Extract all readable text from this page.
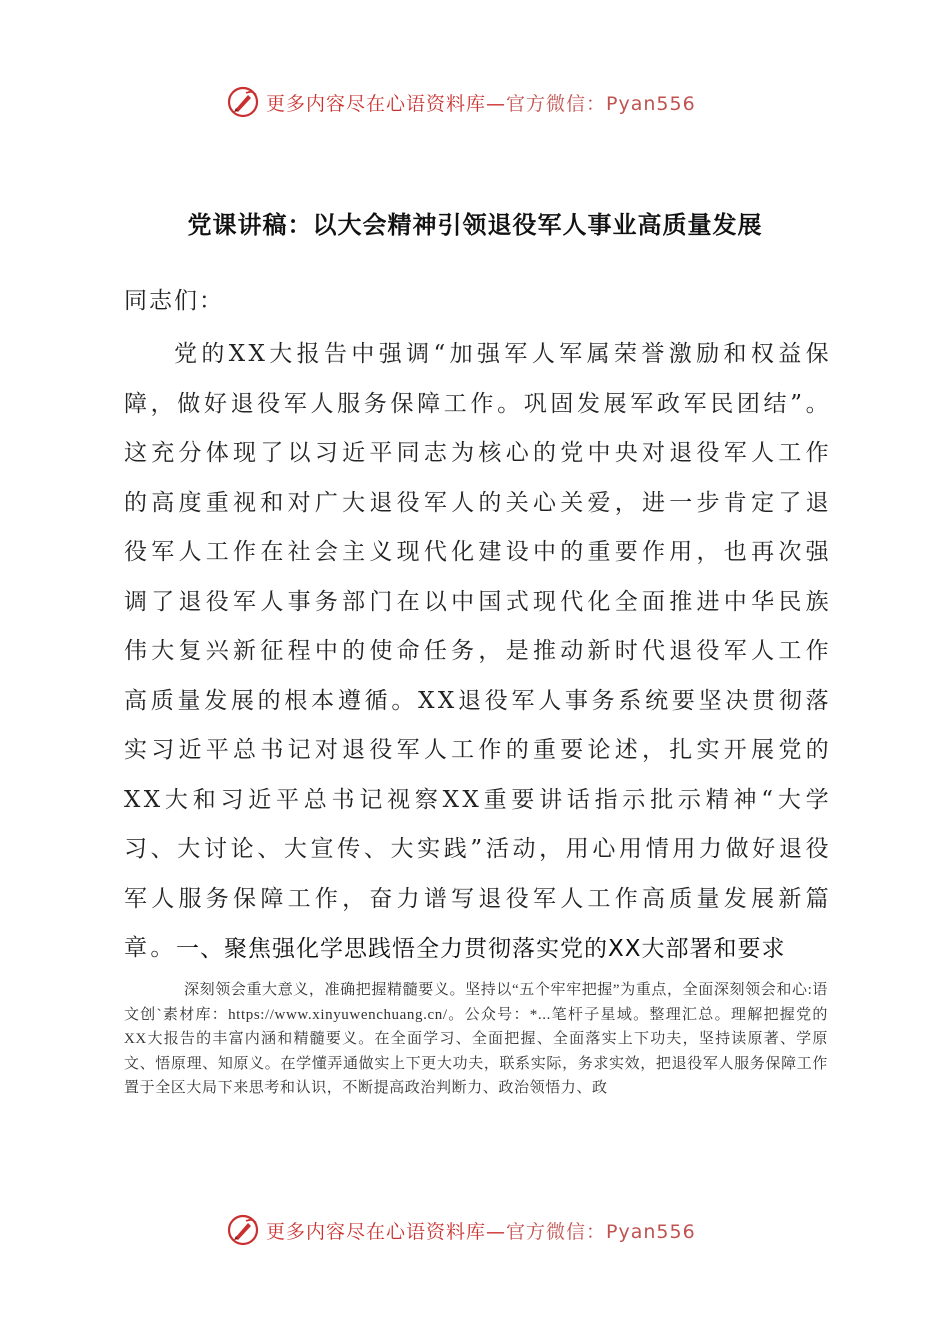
更多内容尽在心语资料库—官方微信：Pyan556
党课讲稿：以大会精神引领退役军人事业高质量发展
同志们：

党的XX大报告中强调“加强军人军属荣誉激励和权益保障，做好退役军人服务保障工作。巩固发展军政军民团结”。这充分体现了以习近平同志为核心的党中央对退役军人工作的高度重视和对广大退役军人的关心关爱，进一步肯定了退役军人工作在社会主义现代化建设中的重要作用，也再次强调了退役军人事务部门在以中国式现代化全面推进中华民族伟大复兴新征程中的使命任务，是推动新时代退役军人工作高质量发展的根本遵循。XX退役军人事务系统要坚决贯彻落实习近平总书记对退役军人工作的重要论述，扎实开展党的XX大和习近平总书记视察XX重要讲话指示批示精神“大学习、大讨论、大宣传、大实践”活动，用心用情用力做好退役军人服务保障工作，奋力谱写退役军人工作高质量发展新篇章。 一、聚焦强化学思践悟全力贯彻落实党的XX大部署和要求

深刻领会重大意义，准确把握精髓要义。坚持以“五个牢牢把握”为重点，全面深刻领会和心:语文创`素材库：https://www.xinyuwenchuang.cn/。公众号：*...笔杆子星域。整理汇总。理解把握党的XX大报告的丰富内涵和精髓要义。在全面学习、全面把握、全面落实上下功夫，坚持读原著、学原文、悟原理、知原义。在学懂弄通做实上下更大功夫，联系实际，务求实效，把退役军人服务保障工作置于全区大局下来思考和认识，不断提高政治判断力、政治领悟力、政

更多内容尽在心语资料库—官方微信：Pyan556
